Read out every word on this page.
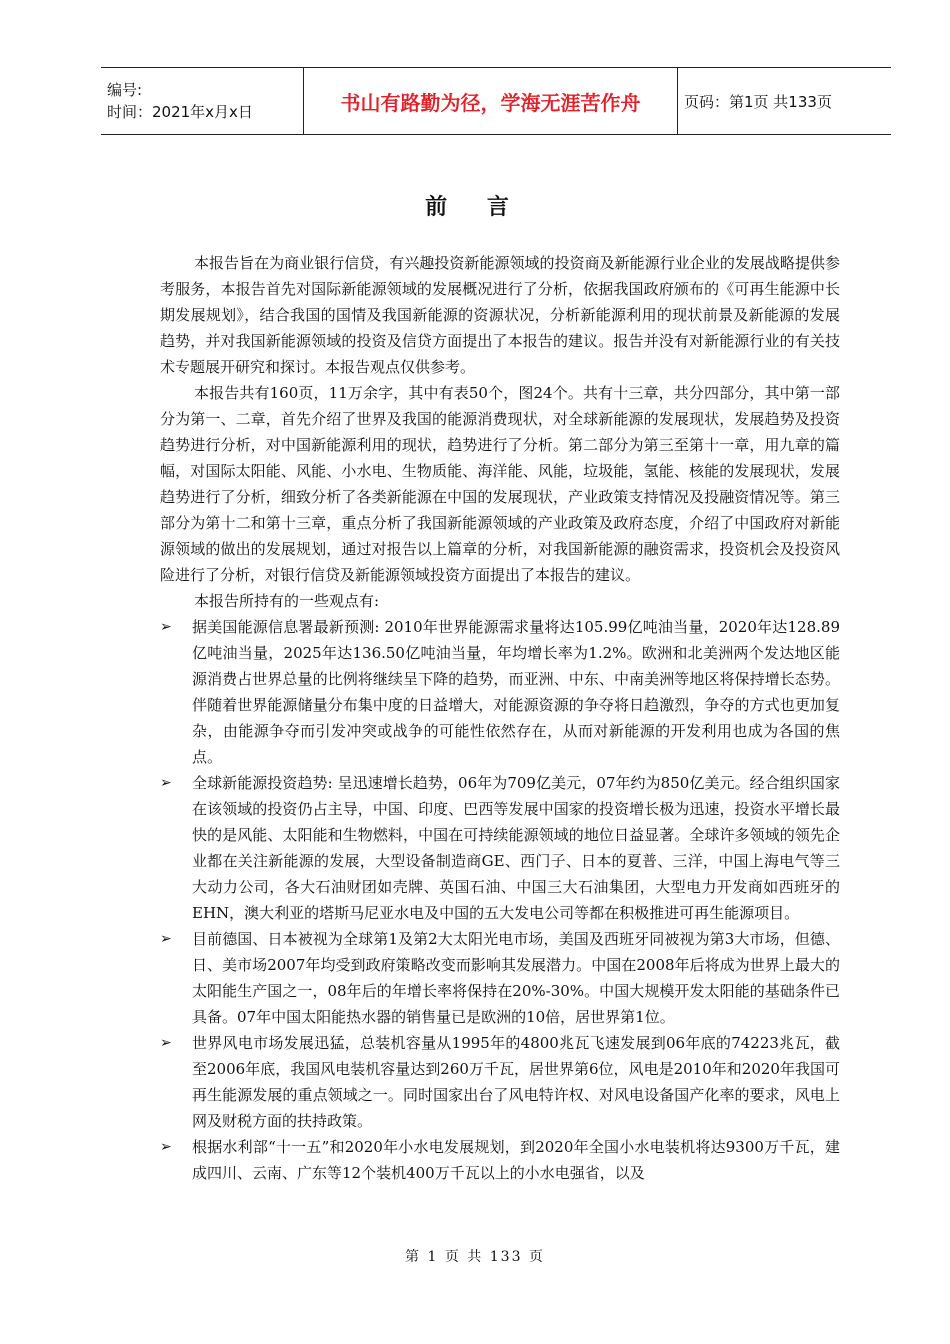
编号:
时间：2021年x月x日	书山有路勤为径，学海无涯苦作舟	页码：第1页 共133页
前 言

本报告旨在为商业银行信贷，有兴趣投资新能源领域的投资商及新能源行业企业的发展战略提供参考服务，本报告首先对国际新能源领域的发展概况进行了分析，依据我国政府颁布的《可再生能源中长期发展规划》，结合我国的国情及我国新能源的资源状况，分析新能源利用的现状前景及新能源的发展趋势，并对我国新能源领域的投资及信贷方面提出了本报告的建议。报告并没有对新能源行业的有关技术专题展开研究和探讨。本报告观点仅供参考。

本报告共有160页，11万余字，其中有表50个，图24个。共有十三章，共分四部分，其中第一部分为第一、二章，首先介绍了世界及我国的能源消费现状，对全球新能源的发展现状，发展趋势及投资趋势进行分析，对中国新能源利用的现状，趋势进行了分析。第二部分为第三至第十一章，用九章的篇幅，对国际太阳能、风能、小水电、生物质能、海洋能、风能，垃圾能，氢能、核能的发展现状，发展趋势进行了分析，细致分析了各类新能源在中国的发展现状，产业政策支持情况及投融资情况等。第三部分为第十二和第十三章，重点分析了我国新能源领域的产业政策及政府态度，介绍了中国政府对新能源领域的做出的发展规划，通过对报告以上篇章的分析，对我国新能源的融资需求，投资机会及投资风险进行了分析，对银行信贷及新能源领域投资方面提出了本报告的建议。

本报告所持有的一些观点有:

➢ 据美国能源信息署最新预测: 2010年世界能源需求量将达105.99亿吨油当量，2020年达128.89亿吨油当量，2025年达136.50亿吨油当量，年均增长率为1.2%。欧洲和北美洲两个发达地区能源消费占世界总量的比例将继续呈下降的趋势，而亚洲、中东、中南美洲等地区将保持增长态势。伴随着世界能源储量分布集中度的日益增大，对能源资源的争夺将日趋激烈，争夺的方式也更加复杂，由能源争夺而引发冲突或战争的可能性依然存在，从而对新能源的开发利用也成为各国的焦点。

➢ 全球新能源投资趋势: 呈迅速增长趋势，06年为709亿美元，07年约为850亿美元。经合组织国家在该领域的投资仍占主导，中国、印度、巴西等发展中国家的投资增长极为迅速，投资水平增长最快的是风能、太阳能和生物燃料，中国在可持续能源领域的地位日益显著。全球许多领域的领先企业都在关注新能源的发展，大型设备制造商GE、西门子、日本的夏普、三洋，中国上海电气等三大动力公司，各大石油财团如壳牌、英国石油、中国三大石油集团，大型电力开发商如西班牙的EHN，澳大利亚的塔斯马尼亚水电及中国的五大发电公司等都在积极推进可再生能源项目。

➢ 目前德国、日本被视为全球第1及第2大太阳光电市场，美国及西班牙同被视为第3大市场，但德、日、美市场2007年均受到政府策略改变而影响其发展潜力。中国在2008年后将成为世界上最大的太阳能生产国之一，08年后的年增长率将保持在20%-30%。中国大规模开发太阳能的基础条件已具备。07年中国太阳能热水器的销售量已是欧洲的10倍，居世界第1位。

➢ 世界风电市场发展迅猛，总装机容量从1995年的4800兆瓦飞速发展到06年底的74223兆瓦，截至2006年底，我国风电装机容量达到260万千瓦，居世界第6位，风电是2010年和2020年我国可再生能源发展的重点领域之一。同时国家出台了风电特许权、对风电设备国产化率的要求，风电上网及财税方面的扶持政策。

➢ 根据水利部“十一五”和2020年小水电发展规划，到2020年全国小水电装机将达9300万千瓦，建成四川、云南、广东等12个装机400万千瓦以上的小水电强省，以及

第 1 页 共 133 页
